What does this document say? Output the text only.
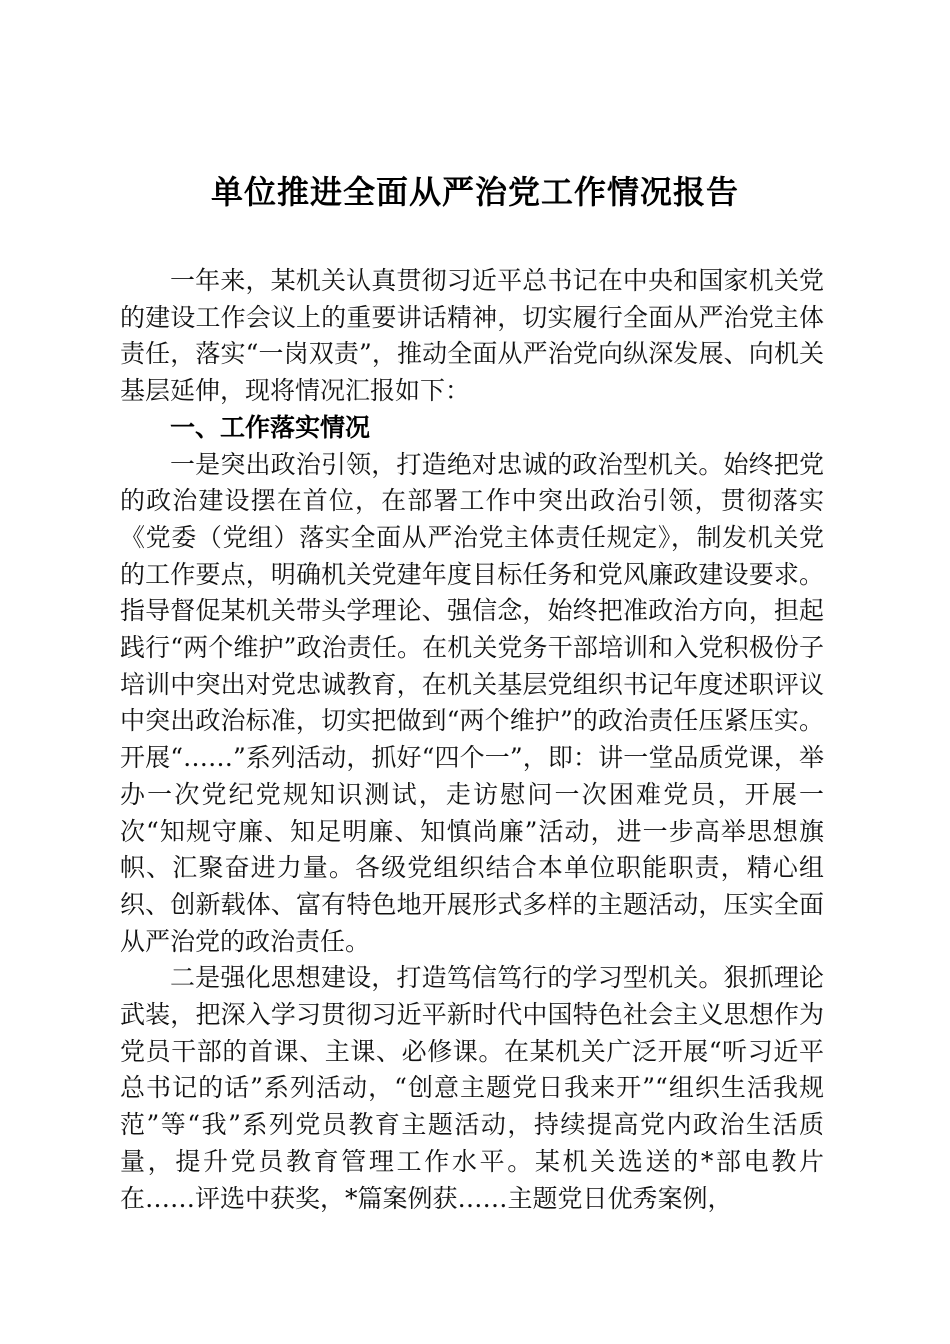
单位推进全面从严治党工作情况报告

一年来，某机关认真贯彻习近平总书记在中央和国家机关党的建设工作会议上的重要讲话精神，切实履行全面从严治党主体责任，落实“一岗双责”，推动全面从严治党向纵深发展、向机关基层延伸，现将情况汇报如下：

一、工作落实情况

一是突出政治引领，打造绝对忠诚的政治型机关。始终把党的政治建设摆在首位，在部署工作中突出政治引领，贯彻落实《党委（党组）落实全面从严治党主体责任规定》，制发机关党的工作要点，明确机关党建年度目标任务和党风廉政建设要求。指导督促某机关带头学理论、强信念，始终把准政治方向，担起践行“两个维护”政治责任。在机关党务干部培训和入党积极份子培训中突出对党忠诚教育，在机关基层党组织书记年度述职评议中突出政治标准，切实把做到“两个维护”的政治责任压紧压实。开展“……”系列活动，抓好“四个一”，即：讲一堂品质党课，举办一次党纪党规知识测试，走访慰问一次困难党员，开展一次“知规守廉、知足明廉、知慎尚廉”活动，进一步高举思想旗帜、汇聚奋进力量。各级党组织结合本单位职能职责，精心组织、创新载体、富有特色地开展形式多样的主题活动，压实全面从严治党的政治责任。

二是强化思想建设，打造笃信笃行的学习型机关。狠抓理论武装，把深入学习贯彻习近平新时代中国特色社会主义思想作为党员干部的首课、主课、必修课。在某机关广泛开展“听习近平总书记的话”系列活动，“创意主题党日我来开”“组织生活我规范”等“我”系列党员教育主题活动，持续提高党内政治生活质量，提升党员教育管理工作水平。某机关选送的*部电教片在……评选中获奖，*篇案例获……主题党日优秀案例，
